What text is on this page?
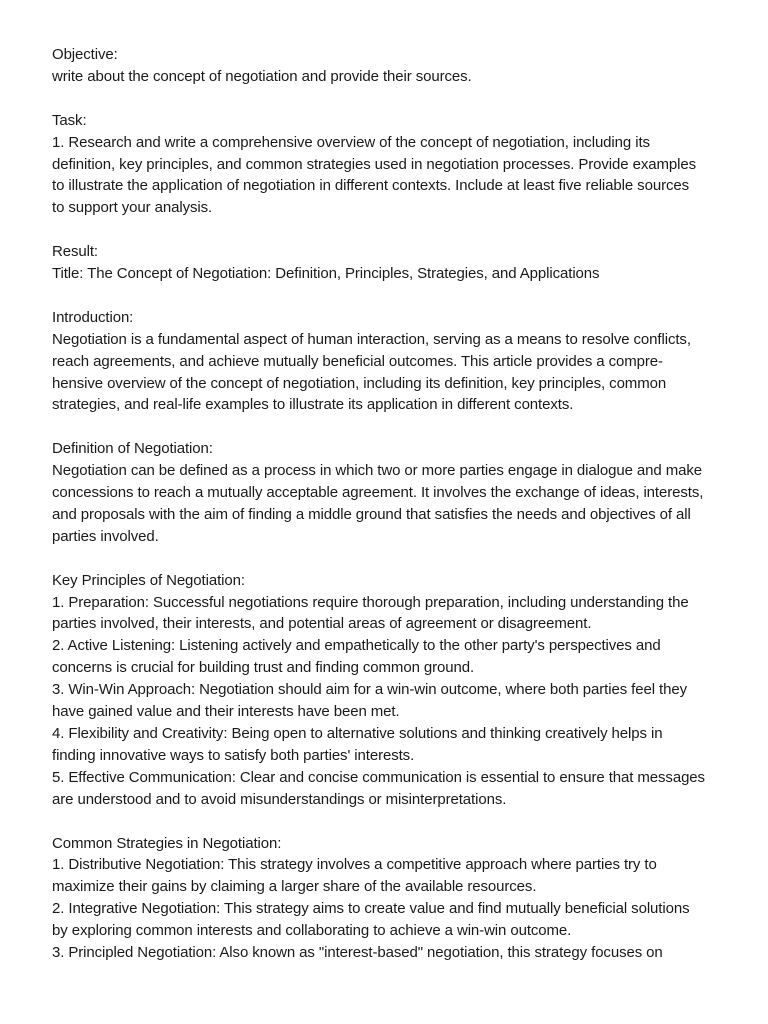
Objective:
write about the concept of negotiation and provide their sources.
Task:
1. Research and write a comprehensive overview of the concept of negotiation, including its
definition, key principles, and common strategies used in negotiation processes. Provide examples
to illustrate the application of negotiation in different contexts. Include at least five reliable sources
to support your analysis.
Result:
Title: The Concept of Negotiation: Definition, Principles, Strategies, and Applications
Introduction:
Negotiation is a fundamental aspect of human interaction, serving as a means to resolve conflicts,
reach agreements, and achieve mutually beneficial outcomes. This article provides a compre-
hensive overview of the concept of negotiation, including its definition, key principles, common
strategies, and real-life examples to illustrate its application in different contexts.
Definition of Negotiation:
Negotiation can be defined as a process in which two or more parties engage in dialogue and make
concessions to reach a mutually acceptable agreement. It involves the exchange of ideas, interests,
and proposals with the aim of finding a middle ground that satisfies the needs and objectives of all
parties involved.
Key Principles of Negotiation:
1. Preparation: Successful negotiations require thorough preparation, including understanding the
parties involved, their interests, and potential areas of agreement or disagreement.
2. Active Listening: Listening actively and empathetically to the other party's perspectives and
concerns is crucial for building trust and finding common ground.
3. Win-Win Approach: Negotiation should aim for a win-win outcome, where both parties feel they
have gained value and their interests have been met.
4. Flexibility and Creativity: Being open to alternative solutions and thinking creatively helps in
finding innovative ways to satisfy both parties' interests.
5. Effective Communication: Clear and concise communication is essential to ensure that messages
are understood and to avoid misunderstandings or misinterpretations.
Common Strategies in Negotiation:
1. Distributive Negotiation: This strategy involves a competitive approach where parties try to
maximize their gains by claiming a larger share of the available resources.
2. Integrative Negotiation: This strategy aims to create value and find mutually beneficial solutions
by exploring common interests and collaborating to achieve a win-win outcome.
3. Principled Negotiation: Also known as "interest-based" negotiation, this strategy focuses on
